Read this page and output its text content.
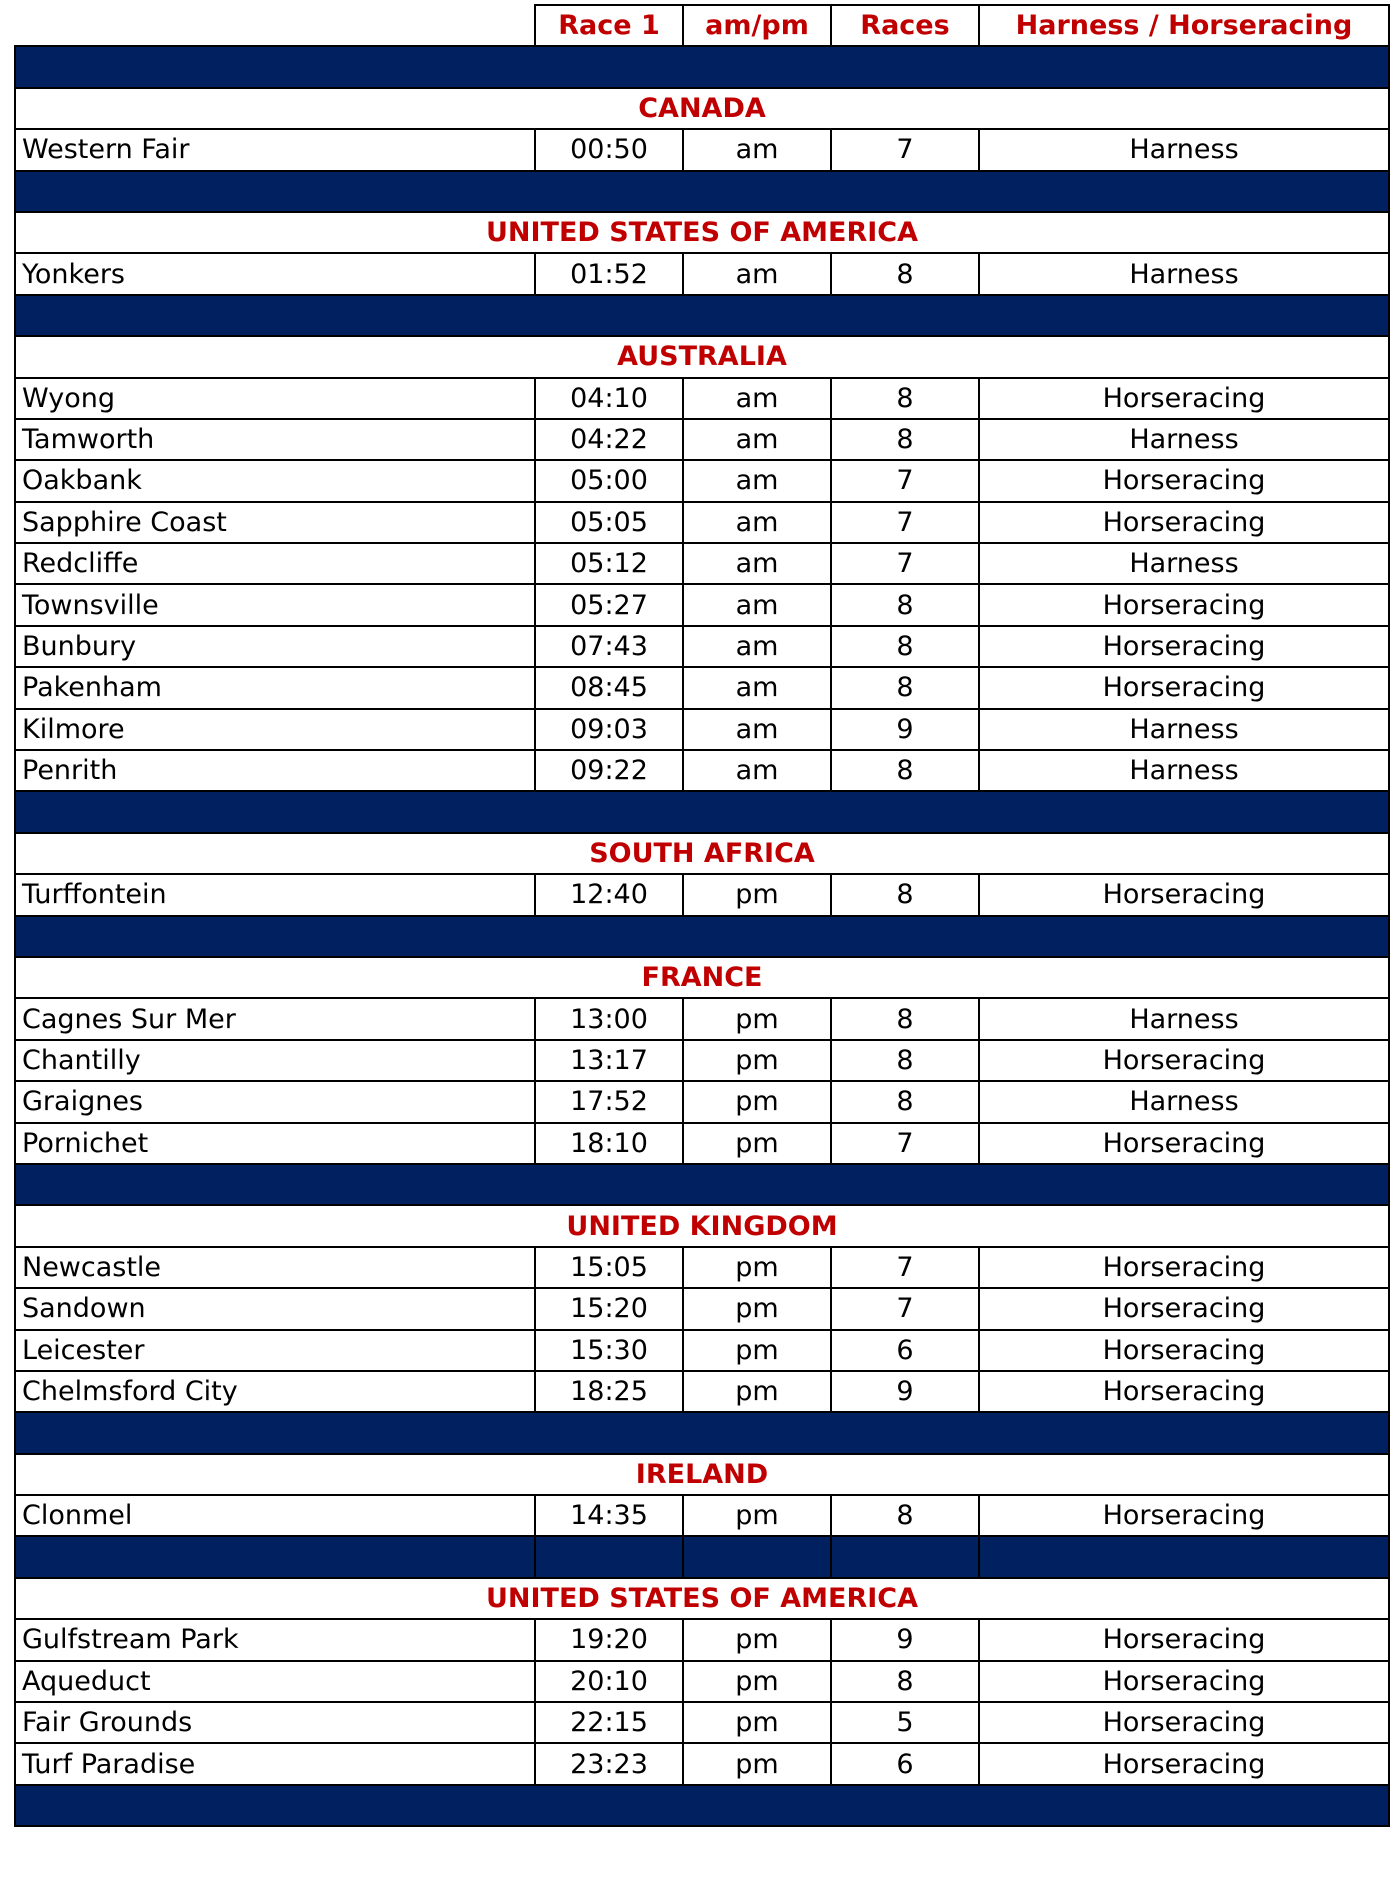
	Race 1	am/pm	Races	Harness / Horseracing

CANADA				
Western Fair	00:50	am	7	Harness

UNITED STATES OF AMERICA				
Yonkers	01:52	am	8	Harness

AUSTRALIA				
Wyong	04:10	am	8	Horseracing
Tamworth	04:22	am	8	Harness
Oakbank	05:00	am	7	Horseracing
Sapphire Coast	05:05	am	7	Horseracing
Redcliffe	05:12	am	7	Harness
Townsville	05:27	am	8	Horseracing
Bunbury	07:43	am	8	Horseracing
Pakenham	08:45	am	8	Horseracing
Kilmore	09:03	am	9	Harness
Penrith	09:22	am	8	Harness

SOUTH AFRICA				
Turffontein	12:40	pm	8	Horseracing

FRANCE				
Cagnes Sur Mer	13:00	pm	8	Harness
Chantilly	13:17	pm	8	Horseracing
Graignes	17:52	pm	8	Harness
Pornichet	18:10	pm	7	Horseracing

UNITED KINGDOM				
Newcastle	15:05	pm	7	Horseracing
Sandown	15:20	pm	7	Horseracing
Leicester	15:30	pm	6	Horseracing
Chelmsford City	18:25	pm	9	Horseracing

IRELAND				
Clonmel	14:35	pm	8	Horseracing

UNITED STATES OF AMERICA				
Gulfstream Park	19:20	pm	9	Horseracing
Aqueduct	20:10	pm	8	Horseracing
Fair Grounds	22:15	pm	5	Horseracing
Turf Paradise	23:23	pm	6	Horseracing
